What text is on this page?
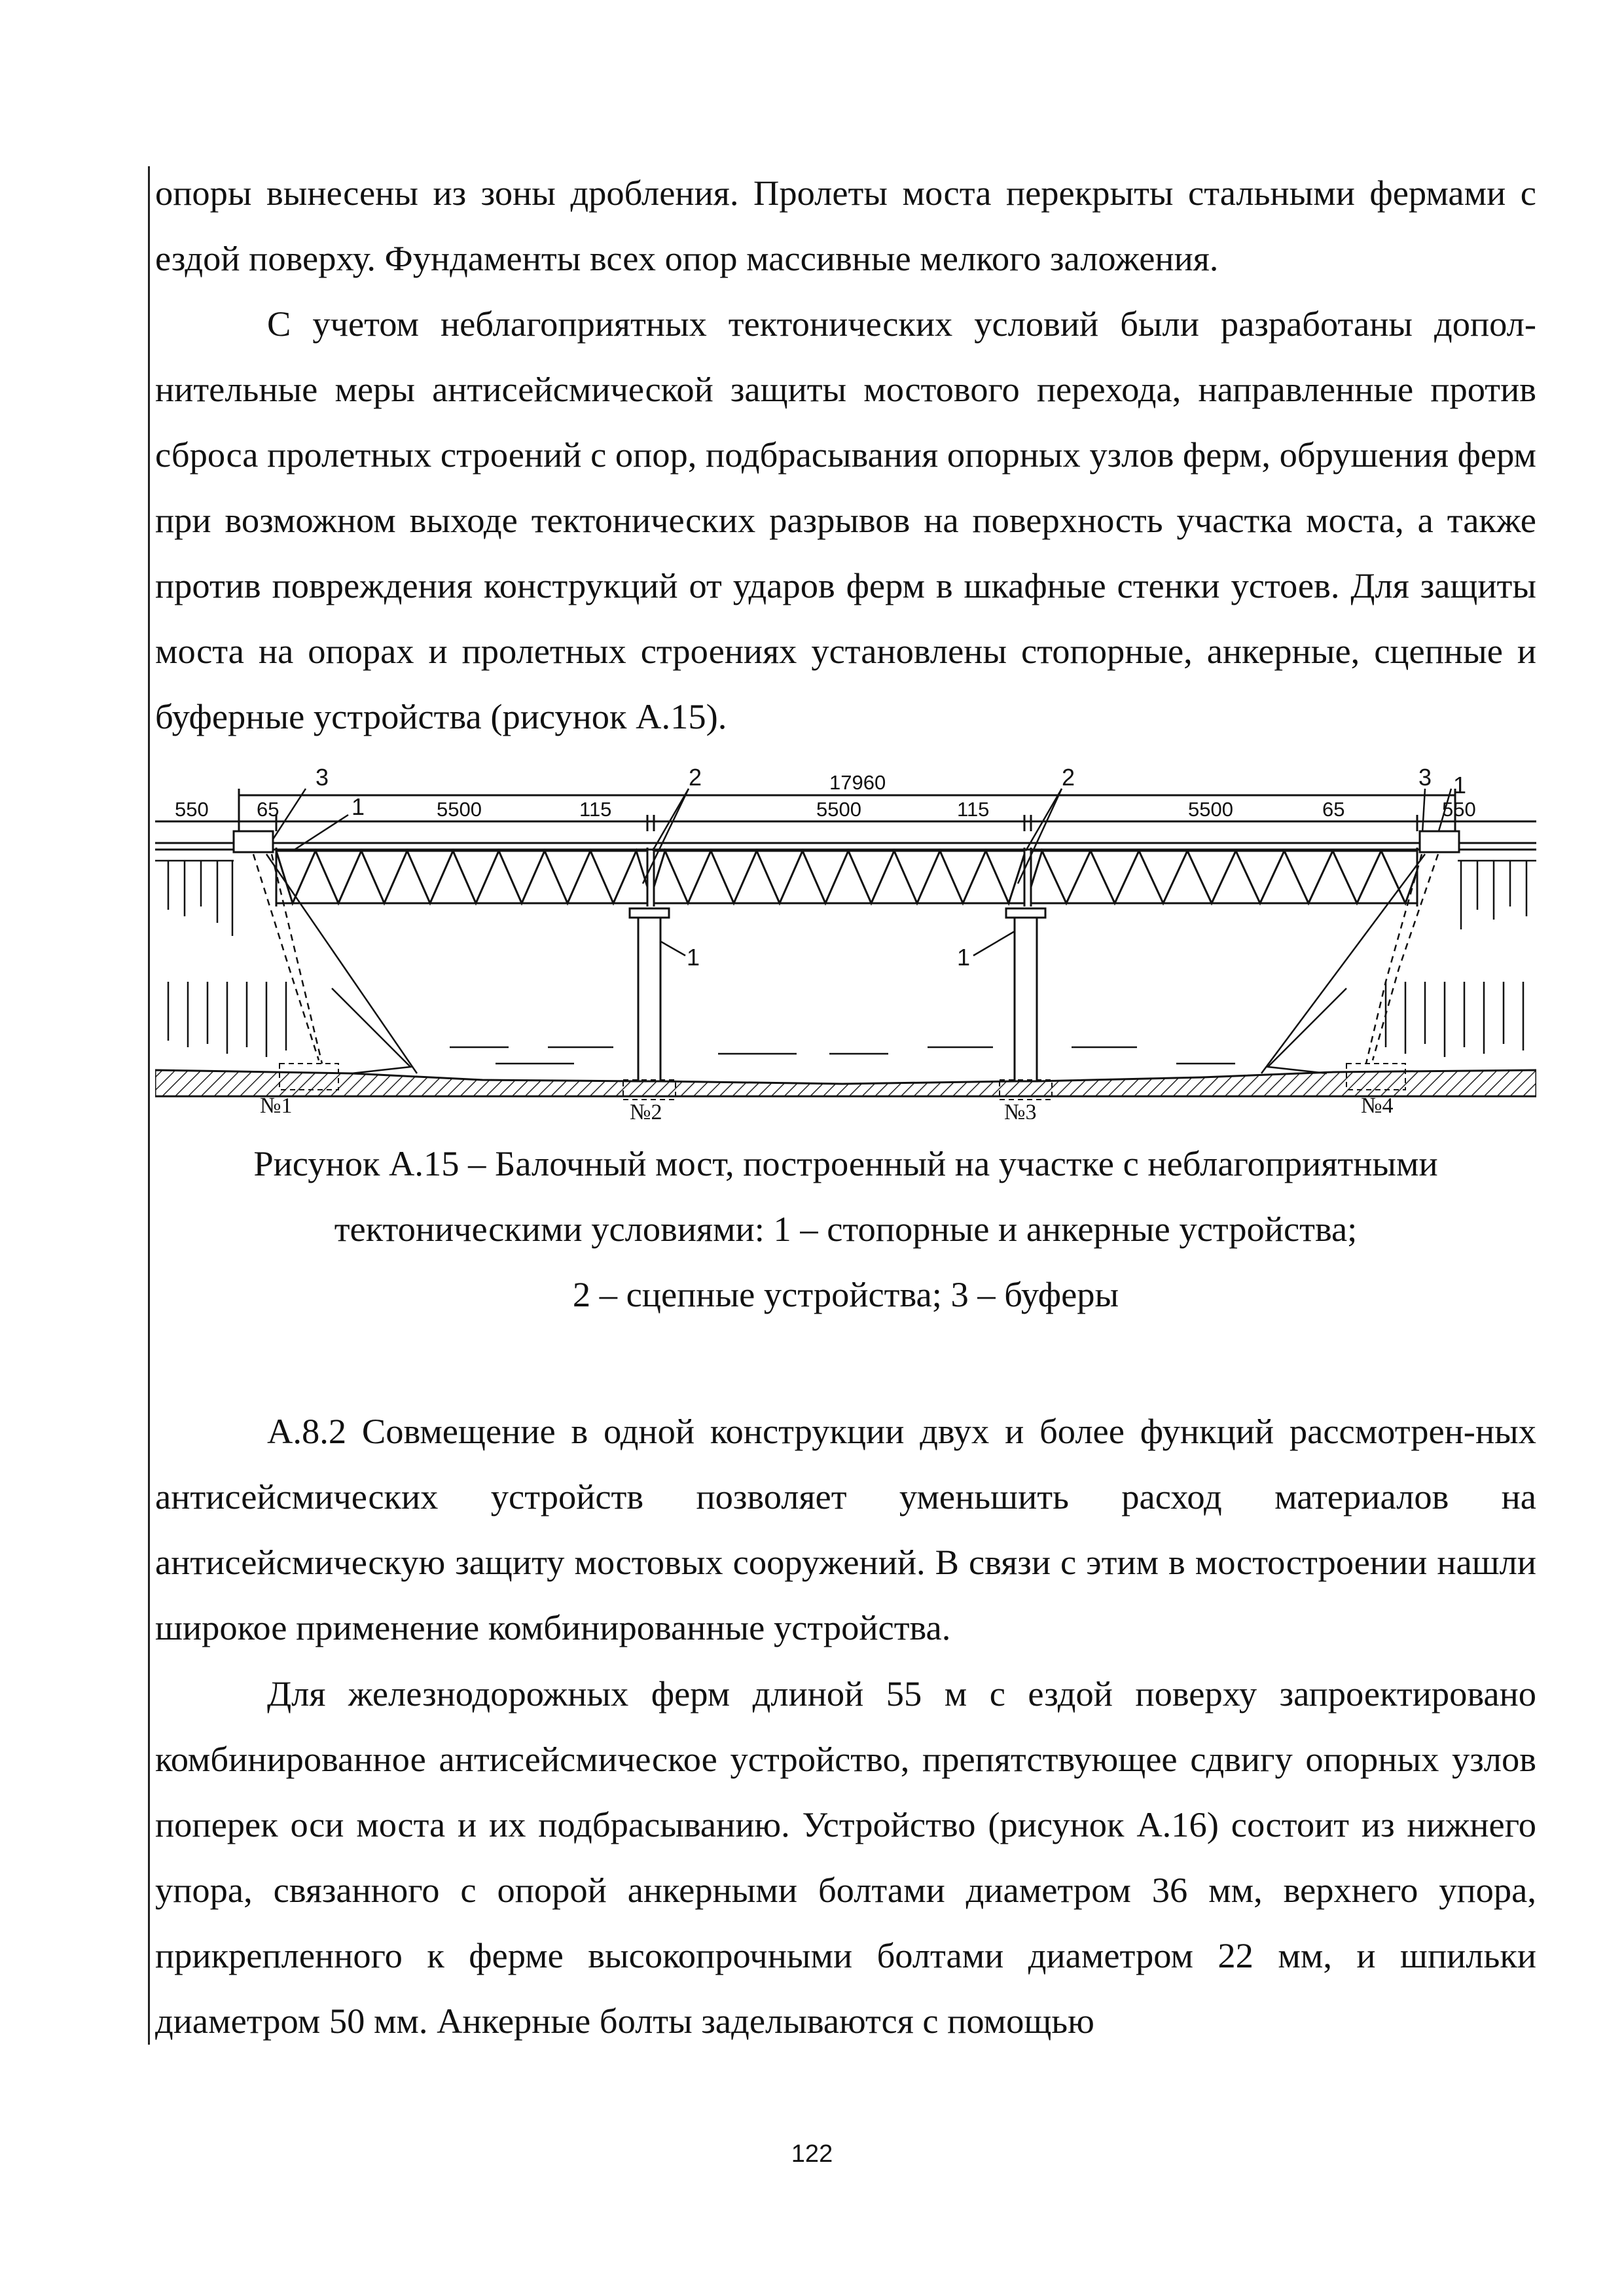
опоры вынесены из зоны дробления. Пролеты моста перекрыты стальными фермами с ездой поверху. Фундаменты всех опор массивные мелкого заложения.

С учетом неблагоприятных тектонических условий были разработаны допол-нительные меры антисейсмической защиты мостового перехода, направленные против сброса пролетных строений с опор, подбрасывания опорных узлов ферм, обрушения ферм при возможном выходе тектонических разрывов на поверхность участка моста, а также против повреждения конструкций от ударов ферм в шкафные стенки устоев. Для защиты моста на опорах и пролетных строениях установлены стопорные, анкерные, сцепные и буферные устройства (рисунок А.15).

17960
550 65	5500	115	5500	115	5500	65	550
3
1
2	2	3 1
1	1
№1	№2	№3	№4

Рисунок А.15 – Балочный мост, построенный на участке с неблагоприятными
тектоническими условиями: 1 – стопорные и анкерные устройства;
2 – сцепные устройства; 3 – буферы

А.8.2 Совмещение в одной конструкции двух и более функций рассмотрен-ных антисейсмических устройств позволяет уменьшить расход материалов на антисейсмическую защиту мостовых сооружений. В связи с этим в мостостроении нашли широкое применение комбинированные устройства.

Для железнодорожных ферм длиной 55 м с ездой поверху запроектировано комбинированное антисейсмическое устройство, препятствующее сдвигу опорных узлов поперек оси моста и их подбрасыванию. Устройство (рисунок А.16) состоит из нижнего упора, связанного с опорой анкерными болтами диаметром 36 мм, верхнего упора, прикрепленного к ферме высокопрочными болтами диаметром 22 мм, и шпильки диаметром 50 мм. Анкерные болты заделываются с помощью

122
